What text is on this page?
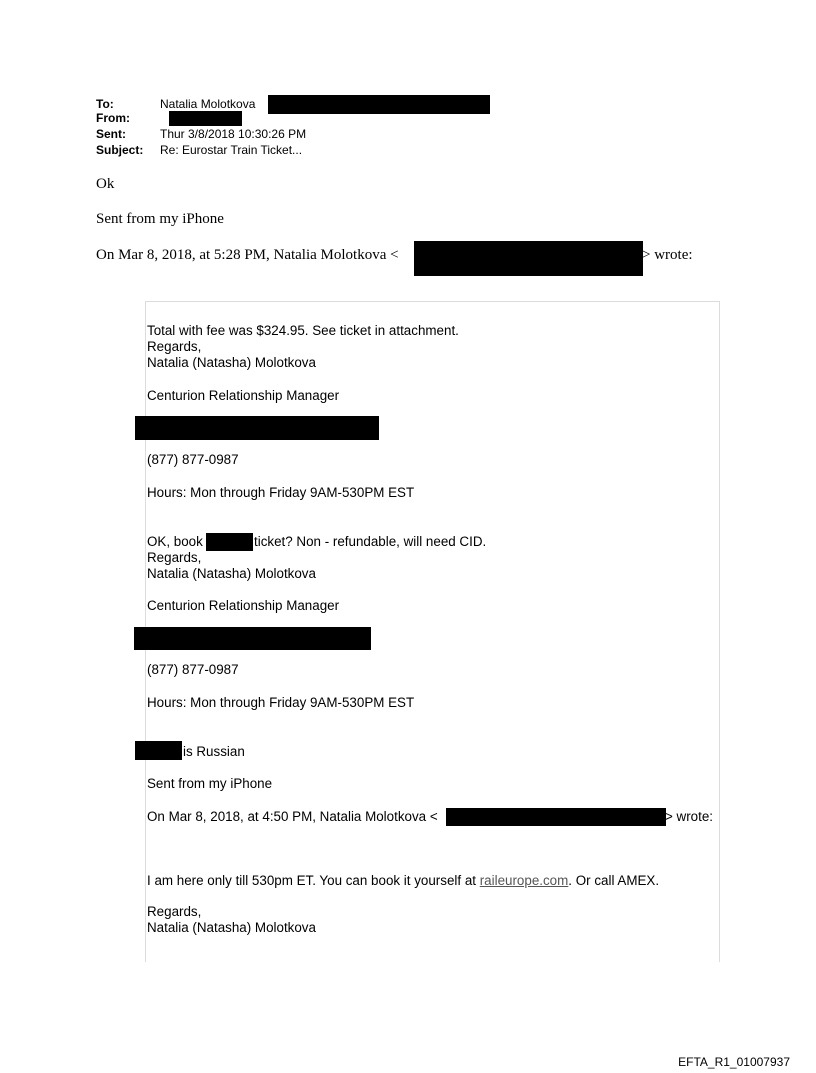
To:	Natalia Molotkova
From:
Sent:	Thur 3/8/2018 10:30:26 PM
Subject: Re: Eurostar Train Ticket...
Ok
Sent from my iPhone
On Mar 8, 2018, at 5:28 PM, Natalia Molotkova <	> wrote:
Total with fee was $324.95. See ticket in attachment.
Regards,
Natalia (Natasha) Molotkova
Centurion Relationship Manager
(877) 877-0987
Hours: Mon through Friday 9AM-530PM EST
OK, book	ticket? Non - refundable, will need CID.
Regards,
Natalia (Natasha) Molotkova
Centurion Relationship Manager
(877) 877-0987
Hours: Mon through Friday 9AM-530PM EST
is Russian
Sent from my iPhone
On Mar 8, 2018, at 4:50 PM, Natalia Molotkova <	> wrote:
I am here only till 530pm ET. You can book it yourself at raileurope.com. Or call AMEX.
Regards,
Natalia (Natasha) Molotkova
EFTA_R1_01007937
